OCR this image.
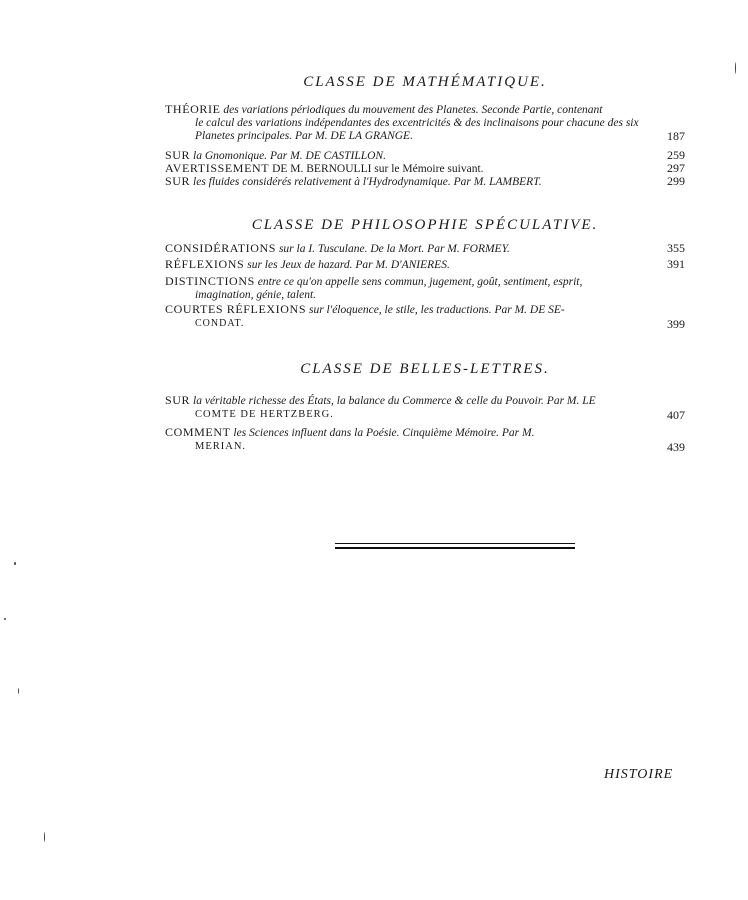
CLASSE DE MATHÉMATIQUE.
THÉORIE des variations périodiques du mouvement des Planetes. Seconde Partie, contenant
le calcul des variations indépendantes des excentricités & des inclinaisons pour chacune des six
Planetes principales. Par M. DE LA GRANGE.	187
SUR la Gnomonique. Par M. DE CASTILLON.	259
AVERTISSEMENT DE M. BERNOULLI sur le Mémoire suivant.	297
SUR les fluides considérés relativement à l'Hydrodynamique. Par M. LAMBERT.	299
CLASSE DE PHILOSOPHIE SPÉCULATIVE.
CONSIDÉRATIONS sur la I. Tusculane. De la Mort. Par M. FORMEY.	355
RÉFLEXIONS sur les Jeux de hazard. Par M. D'ANIERES.	391
DISTINCTIONS entre ce qu'on appelle sens commun, jugement, goût, sentiment, esprit,
imagination, génie, talent.
COURTES RÉFLEXIONS sur l'éloquence, le stile, les traductions. Par M. DE SE-
CONDAT.	399
CLASSE DE BELLES-LETTRES.
SUR la véritable richesse des États, la balance du Commerce & celle du Pouvoir. Par M. LE
COMTE DE HERTZBERG.	407
COMMENT les Sciences influent dans la Poésie. Cinquième Mémoire. Par M.
MERIAN.	439
HISTOIRE
